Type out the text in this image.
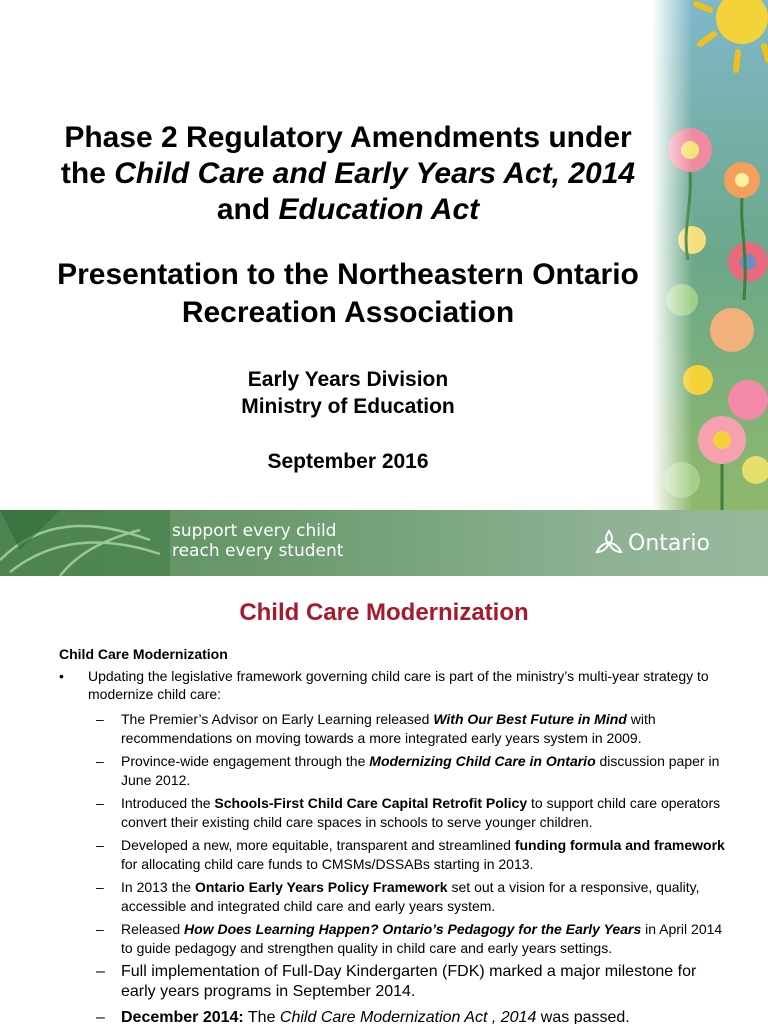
Phase 2 Regulatory Amendments under
the Child Care and Early Years Act, 2014
and Education Act

Presentation to the Northeastern Ontario
Recreation Association

Early Years Division
Ministry of Education

September 2016

support every child
reach every student	Ontario
Child Care Modernization
Child Care Modernization
• Updating the legislative framework governing child care is part of the ministry’s multi-year strategy to modernize child care:
– The Premier’s Advisor on Early Learning released With Our Best Future in Mind with recommendations on moving towards a more integrated early years system in 2009.
– Province-wide engagement through the Modernizing Child Care in Ontario discussion paper in June 2012.
– Introduced the Schools-First Child Care Capital Retrofit Policy to support child care operators convert their existing child care spaces in schools to serve younger children.
– Developed a new, more equitable, transparent and streamlined funding formula and framework for allocating child care funds to CMSMs/DSSABs starting in 2013.
– In 2013 the Ontario Early Years Policy Framework set out a vision for a responsive, quality, accessible and integrated child care and early years system.
– Released How Does Learning Happen? Ontario’s Pedagogy for the Early Years in April 2014 to guide pedagogy and strengthen quality in child care and early years settings.
– Full implementation of Full-Day Kindergarten (FDK) marked a major milestone for early years programs in September 2014.
– December 2014: The Child Care Modernization Act , 2014 was passed.
